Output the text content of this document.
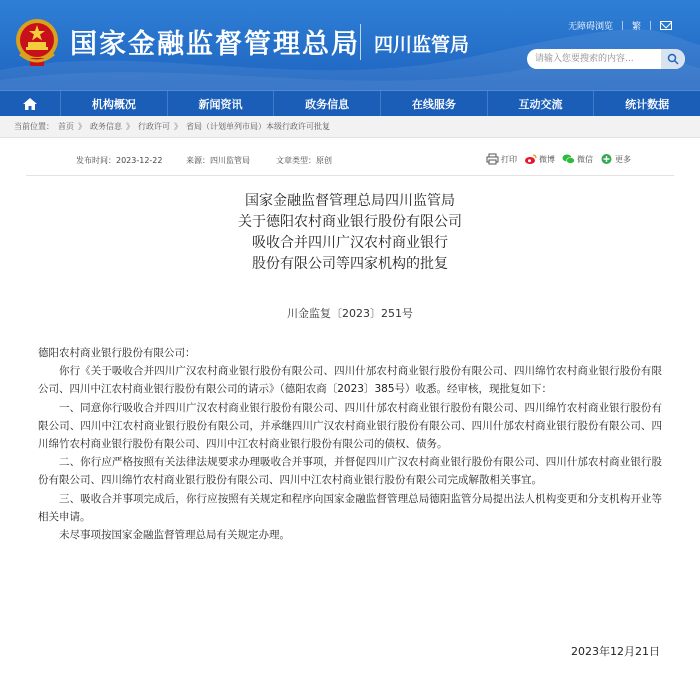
国家金融监督管理总局 四川监管局
无障碍浏览 繁
请输入您要搜索的内容...
机构概况	新闻资讯	政务信息	在线服务	互动交流	统计数据
当前位置： 首页 》 政务信息 》 行政许可 》 省局（计划单列市局）本级行政许可批复
发布时间：2023-12-22	来源：四川监管局	文章类型：原创	打印	微博	微信	更多
国家金融监督管理总局四川监管局
关于德阳农村商业银行股份有限公司
吸收合并四川广汉农村商业银行
股份有限公司等四家机构的批复
川金监复〔2023〕251号

德阳农村商业银行股份有限公司：

你行《关于吸收合并四川广汉农村商业银行股份有限公司、四川什邡农村商业银行股份有限公司、四川绵竹农村商业银行股份有限公司、四川中江农村商业银行股份有限公司的请示》（德阳农商〔2023〕385号）收悉。经审核，现批复如下：

一、同意你行吸收合并四川广汉农村商业银行股份有限公司、四川什邡农村商业银行股份有限公司、四川绵竹农村商业银行股份有限公司、四川中江农村商业银行股份有限公司，并承继四川广汉农村商业银行股份有限公司、四川什邡农村商业银行股份有限公司、四川绵竹农村商业银行股份有限公司、四川中江农村商业银行股份有限公司的债权、债务。

二、你行应严格按照有关法律法规要求办理吸收合并事项，并督促四川广汉农村商业银行股份有限公司、四川什邡农村商业银行股份有限公司、四川绵竹农村商业银行股份有限公司、四川中江农村商业银行股份有限公司完成解散相关事宜。

三、吸收合并事项完成后，你行应按照有关规定和程序向国家金融监督管理总局德阳监管分局提出法人机构变更和分支机构开业等相关申请。

未尽事项按国家金融监督管理总局有关规定办理。

2023年12月21日
